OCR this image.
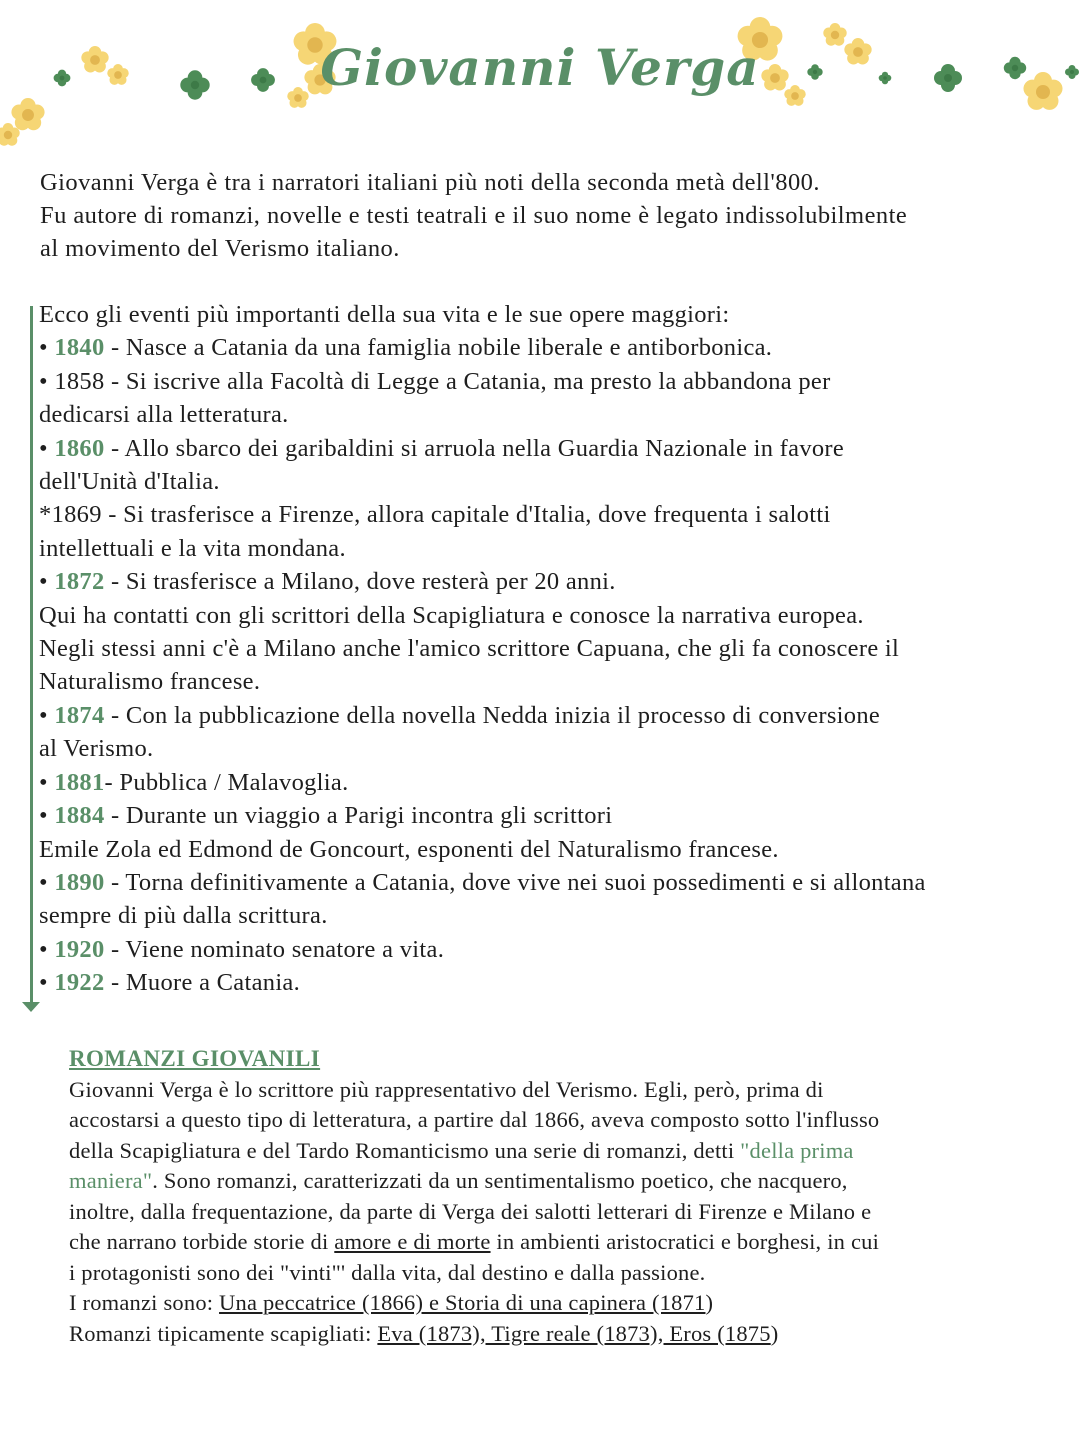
Giovanni Verga

Giovanni Verga è tra i narratori italiani più noti della seconda metà dell'800.

Fu autore di romanzi, novelle e testi teatrali e il suo nome è legato indissolubilmente

al movimento del Verismo italiano.

Ecco gli eventi più importanti della sua vita e le sue opere maggiori:

• 1840 - Nasce a Catania da una famiglia nobile liberale e antiborbonica.

• 1858 - Si iscrive alla Facoltà di Legge a Catania, ma presto la abbandona per

dedicarsi alla letteratura.

• 1860 - Allo sbarco dei garibaldini si arruola nella Guardia Nazionale in favore

dell'Unità d'Italia.

*1869 - Si trasferisce a Firenze, allora capitale d'Italia, dove frequenta i salotti

intellettuali e la vita mondana.

• 1872 - Si trasferisce a Milano, dove resterà per 20 anni.

Qui ha contatti con gli scrittori della Scapigliatura e conosce la narrativa europea.

Negli stessi anni c'è a Milano anche l'amico scrittore Capuana, che gli fa conoscere il

Naturalismo francese.

• 1874 - Con la pubblicazione della novella Nedda inizia il processo di conversione

al Verismo.

• 1881- Pubblica / Malavoglia.

• 1884 - Durante un viaggio a Parigi incontra gli scrittori

Emile Zola ed Edmond de Goncourt, esponenti del Naturalismo francese.

• 1890 - Torna definitivamente a Catania, dove vive nei suoi possedimenti e si allontana

sempre di più dalla scrittura.

• 1920 - Viene nominato senatore a vita.

• 1922 - Muore a Catania.

ROMANZI GIOVANILI

Giovanni Verga è lo scrittore più rappresentativo del Verismo. Egli, però, prima di

accostarsi a questo tipo di letteratura, a partire dal 1866, aveva composto sotto l'influsso

della Scapigliatura e del Tardo Romanticismo una serie di romanzi, detti "della prima

maniera". Sono romanzi, caratterizzati da un sentimentalismo poetico, che nacquero,

inoltre, dalla frequentazione, da parte di Verga dei salotti letterari di Firenze e Milano e

che narrano torbide storie di amore e di morte in ambienti aristocratici e borghesi, in cui

i protagonisti sono dei "vinti"' dalla vita, dal destino e dalla passione.

I romanzi sono: Una peccatrice (1866) e Storia di una capinera (1871)

Romanzi tipicamente scapigliati: Eva (1873), Tigre reale (1873), Eros (1875)
